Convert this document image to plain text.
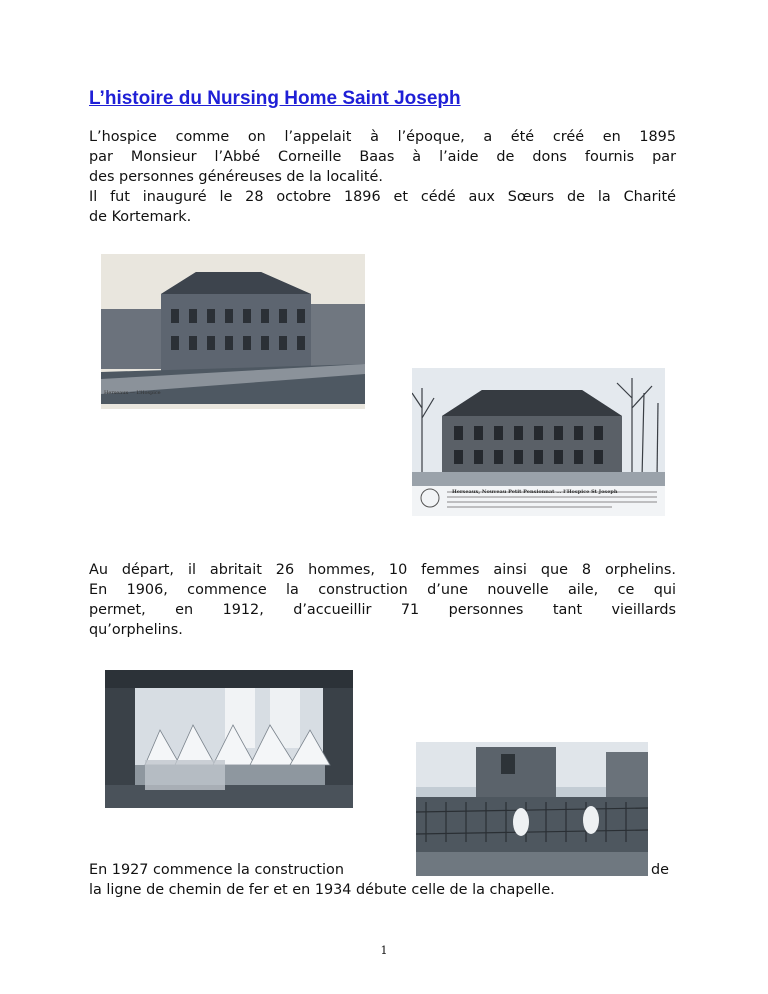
L’histoire du Nursing Home Saint Joseph
L’hospice comme on l’appelait à l’époque, a été créé en 1895
par Monsieur l’Abbé Corneille Baas à l’aide de dons fournis par
des personnes généreuses de la localité.
Il fut inauguré le 28 octobre 1896 et cédé aux Sœurs de la Charité
de Kortemark.
Herseaux — L’Hospice
Herseaux, Nouveau Petit Pensionnat ... l’Hospice St Joseph
Au départ, il abritait 26 hommes, 10 femmes ainsi que 8 orphelins.
En 1906, commence la construction d’une nouvelle aile, ce qui
permet, en 1912, d’accueillir 71 personnes tant vieillards
qu’orphelins.
En 1927 commence la construction	de
la ligne de chemin de fer et en 1934 débute celle de la chapelle.
1
